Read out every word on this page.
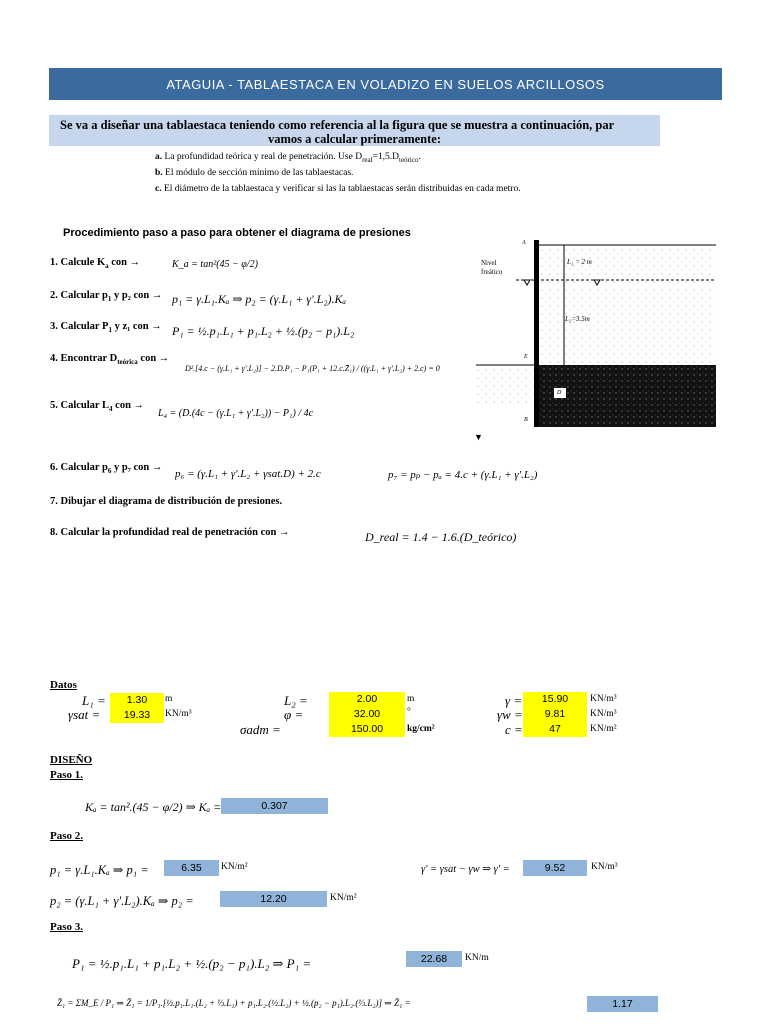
ATAGUIA - TABLAESTACA EN VOLADIZO EN SUELOS ARCILLOSOS
Se va a diseñar una tablaestaca teniendo como referencia al la figura que se muestra a continuación, par
vamos a calcular primeramente:
a. La profundidad teórica y real de penetración. Use $D_{real}=1,5.D_{teórico}$.
b. El módulo de sección mínimo de las tablaestacas.
c. El diámetro de la tablaestaca y verificar si las la tablaestacas serán distribuidas en cada metro.
Procedimiento paso a paso para obtener el diagrama de presiones
1. Calcule $K_a$ con →	K_a = tan²(45 − φ/2)
2. Calcular $p_1$ y p₂ con → p₁ = γ.L₁.Kₐ ⇒ p₂ = (γ.L₁ + γ'.L₂).Kₐ
3. Calcular $P_1$ y z₁ con → P₁ = ½.p₁.L₁ + p₁.L₂ + ½.(p₂ − p₁).L₂
4. Encontrar $D_{teórica}$ con →
D².[4.c − (γ.L₁ + γ'.L₂)] − 2.D.P₁ − P₁(P₁ + 12.c.Z̄₁) / ((γ.L₁ + γ'.L₂) + 2.c) = 0
5. Calcular $L_4$ con →
L₄ = (D.(4c − (γ.L₁ + γ'.L₂)) − P₁) / 4c
6. Calcular $p_6$ y p₇ con →
p₆ = (γ.L₁ + γ'.L₂ + γsat.D) + 2.c	p₇ = pₚ − pₐ = 4.c + (γ.L₁ + γ'.L₂)
7. Dibujar el diagrama de distribución de presiones.
8. Calcular la profundidad real de penetración con →	D_real = 1.4 − 1.6.(D_teórico)
A
E
B
D
Nivel
freático
L₁ = 2 m
L₂=3.5m
▼
Datos
L₁ =	1.30	m
γsat =	19.33	KN/m³
L₂ =	2.00	m
φ =	32.00	°
σadm =	150.00	kg/cm²
γ =	15.90	KN/m³
γw =	9.81	KN/m³
c =	47	KN/m²
DISEÑO
Paso 1.
Kₐ = tan².(45 − φ/2) ⇒ Kₐ =	0.307
Paso 2.
p₁ = γ.L₁.Kₐ ⇒ p₁ =	6.35	KN/m²	γ' = γsat − γw ⇒ γ' =	9.52	KN/m³
p₂ = (γ.L₁ + γ'.L₂).Kₐ ⇒ p₂ =	12.20	KN/m²
Paso 3.
P₁ = ½.p₁.L₁ + p₁.L₂ + ½.(p₂ − p₁).L₂ ⇒ P₁ =	22.68	KN/m
Z̄₁ = ΣM_E / P₁ ⇒ Z̄₁ = 1/P₁.[½.p₁.L₁.(L₂ + ⅓.L₁) + p₁.L₂.(½.L₂) + ½.(p₂ − p₁).L₂.(⅓.L₂)] ⇒ Z̄₁ =	1.17
